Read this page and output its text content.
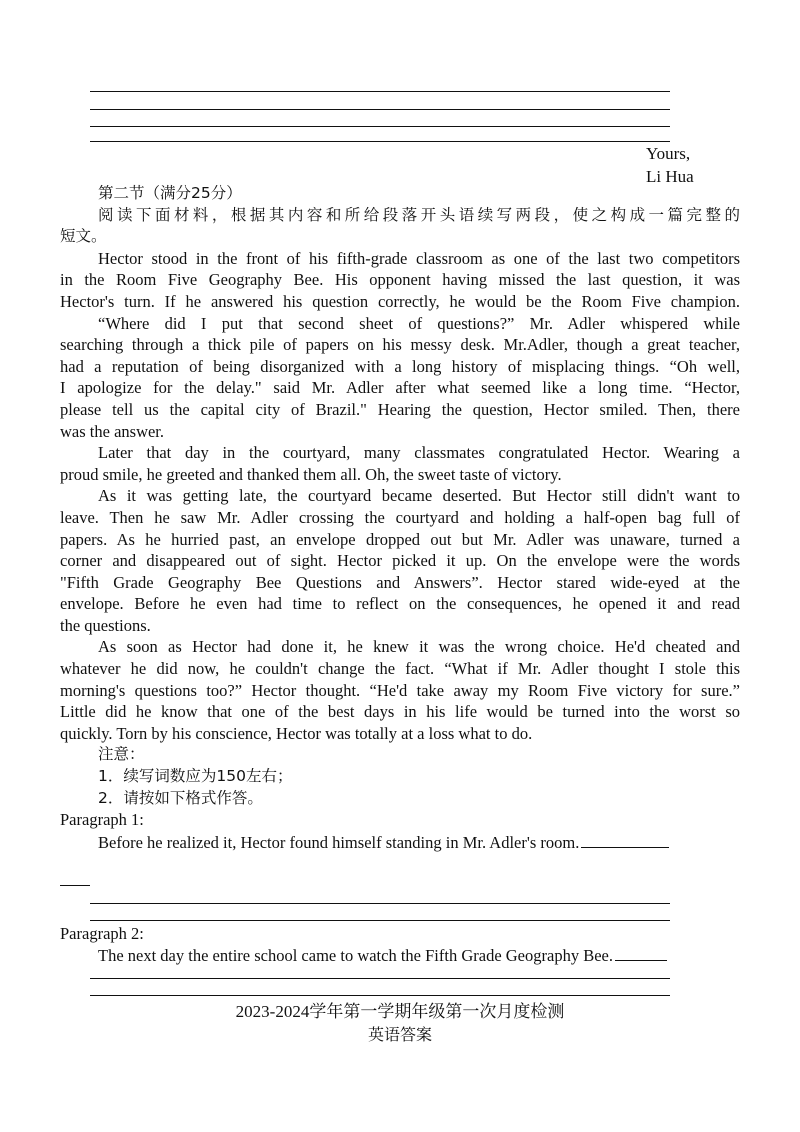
Yours,
Li Hua
第二节（满分25分）
阅读下面材料，根据其内容和所给段落开头语续写两段，使之构成一篇完整的
短文。
Hector stood in the front of his fifth-grade classroom as one of the last two competitors
in the Room Five Geography Bee. His opponent having missed the last question, it was
Hector's turn. If he answered his question correctly, he would be the Room Five champion.
“Where did I put that second sheet of questions?” Mr. Adler whispered while
searching through a thick pile of papers on his messy desk. Mr.Adler, though a great teacher,
had a reputation of being disorganized with a long history of misplacing things. “Oh well,
I apologize for the delay." said Mr. Adler after what seemed like a long time. “Hector,
please tell us the capital city of Brazil." Hearing the question, Hector smiled. Then, there
was the answer.
Later that day in the courtyard, many classmates congratulated Hector. Wearing a
proud smile, he greeted and thanked them all. Oh, the sweet taste of victory.
As it was getting late, the courtyard became deserted. But Hector still didn't want to
leave. Then he saw Mr. Adler crossing the courtyard and holding a half-open bag full of
papers. As he hurried past, an envelope dropped out but Mr. Adler was unaware, turned a
corner and disappeared out of sight. Hector picked it up. On the envelope were the words
"Fifth Grade Geography Bee Questions and Answers”. Hector stared wide-eyed at the
envelope. Before he even had time to reflect on the consequences, he opened it and read
the questions.
As soon as Hector had done it, he knew it was the wrong choice. He'd cheated and
whatever he did now, he couldn't change the fact. “What if Mr. Adler thought I stole this
morning's questions too?” Hector thought. “He'd take away my Room Five victory for sure.”
Little did he know that one of the best days in his life would be turned into the worst so
quickly. Torn by his conscience, Hector was totally at a loss what to do.
注意：
1．续写词数应为150左右；
2．请按如下格式作答。
Paragraph 1:
Before he realized it, Hector found himself standing in Mr. Adler's room.
Paragraph 2:
The next day the entire school came to watch the Fifth Grade Geography Bee.
2023-2024学年第一学期年级第一次月度检测
英语答案
